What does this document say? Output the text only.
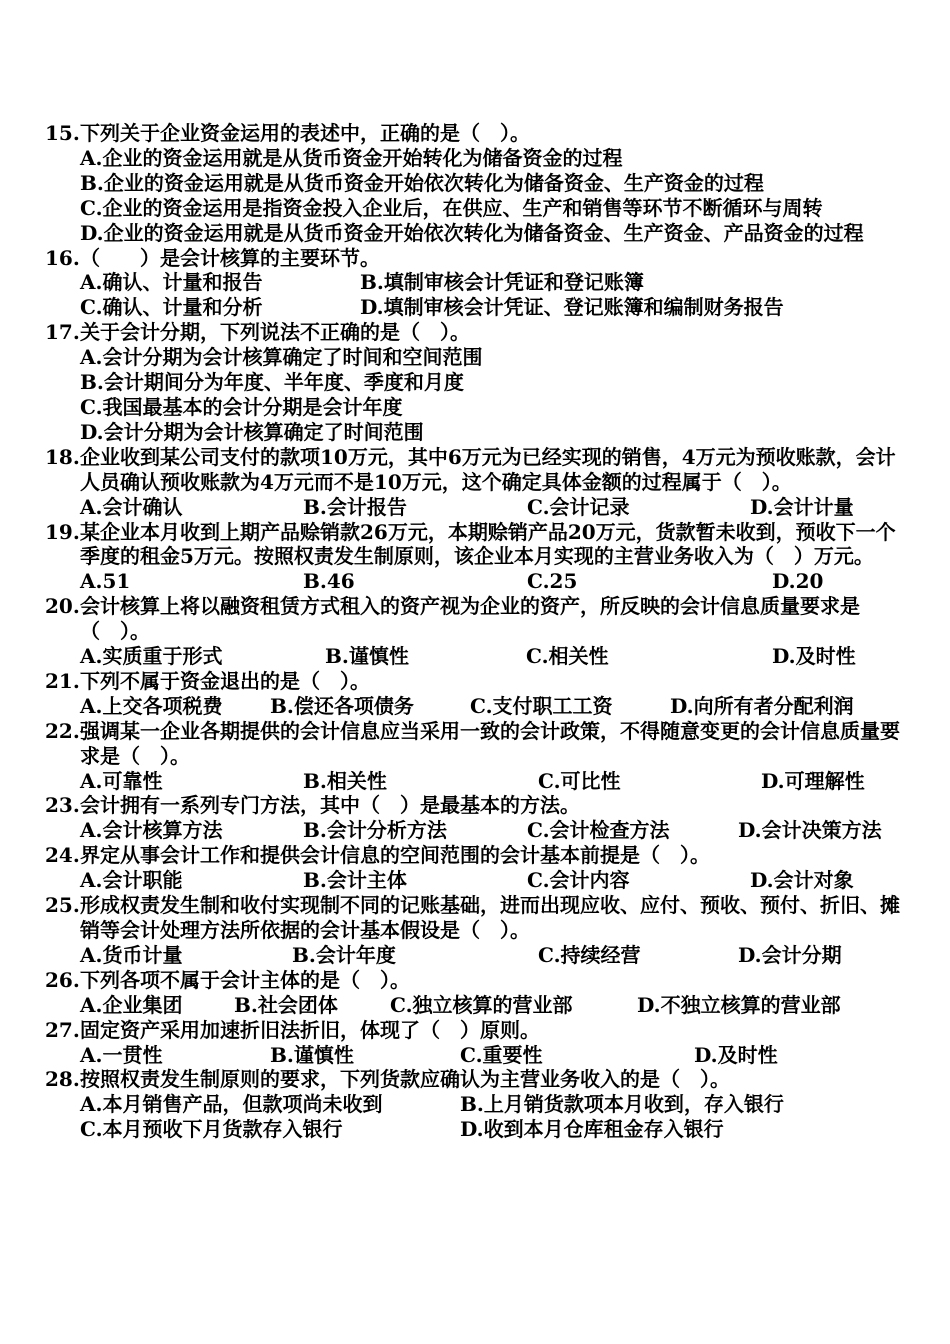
15. 下列关于企业资金运用的表述中，正确的是（　）。
A.企业的资金运用就是从货币资金开始转化为储备资金的过程
B.企业的资金运用就是从货币资金开始依次转化为储备资金、生产资金的过程
C.企业的资金运用是指资金投入企业后，在供应、生产和销售等环节不断循环与周转
D.企业的资金运用就是从货币资金开始依次转化为储备资金、生产资金、产品资金的过程
16. （　　）是会计核算的主要环节。
A.确认、计量和报告	B.填制审核会计凭证和登记账簿
C.确认、计量和分析	D.填制审核会计凭证、登记账簿和编制财务报告
17. 关于会计分期，下列说法不正确的是（　）。
A.会计分期为会计核算确定了时间和空间范围
B.会计期间分为年度、半年度、季度和月度
C.我国最基本的会计分期是会计年度
D.会计分期为会计核算确定了时间范围
18. 企业收到某公司支付的款项10万元，其中6万元为已经实现的销售，4万元为预收账款，会计人员确认预收账款为4万元而不是10万元，这个确定具体金额的过程属于（　）。
A.会计确认	B.会计报告	C.会计记录	D.会计计量
19. 某企业本月收到上期产品赊销款26万元，本期赊销产品20万元，货款暂未收到，预收下一个季度的租金5万元。按照权责发生制原则，该企业本月实现的主营业务收入为（　）万元。
A.51	B.46	C.25	D.20
20. 会计核算上将以融资租赁方式租入的资产视为企业的资产，所反映的会计信息质量要求是（　）。
A.实质重于形式	B.谨慎性	C.相关性	D.及时性
21. 下列不属于资金退出的是（　）。
A.上交各项税费	B.偿还各项债务	C.支付职工工资	D.向所有者分配利润
22. 强调某一企业各期提供的会计信息应当采用一致的会计政策，不得随意变更的会计信息质量要求是（　）。
A.可靠性	B.相关性	C.可比性	D.可理解性
23. 会计拥有一系列专门方法，其中（　）是最基本的方法。
A.会计核算方法	B.会计分析方法	C.会计检查方法	D.会计决策方法
24. 界定从事会计工作和提供会计信息的空间范围的会计基本前提是（　）。
A.会计职能	B.会计主体	C.会计内容	D.会计对象
25. 形成权责发生制和收付实现制不同的记账基础，进而出现应收、应付、预收、预付、折旧、摊销等会计处理方法所依据的会计基本假设是（　）。
A.货币计量	B.会计年度	C.持续经营	D.会计分期
26. 下列各项不属于会计主体的是（　）。
A.企业集团	B.社会团体	C.独立核算的营业部	D.不独立核算的营业部
27. 固定资产采用加速折旧法折旧，体现了（　）原则。
A.一贯性	B.谨慎性	C.重要性	D.及时性
28. 按照权责发生制原则的要求，下列货款应确认为主营业务收入的是（　）。
A.本月销售产品，但款项尚未收到	B.上月销货款项本月收到，存入银行
C.本月预收下月货款存入银行	D.收到本月仓库租金存入银行
